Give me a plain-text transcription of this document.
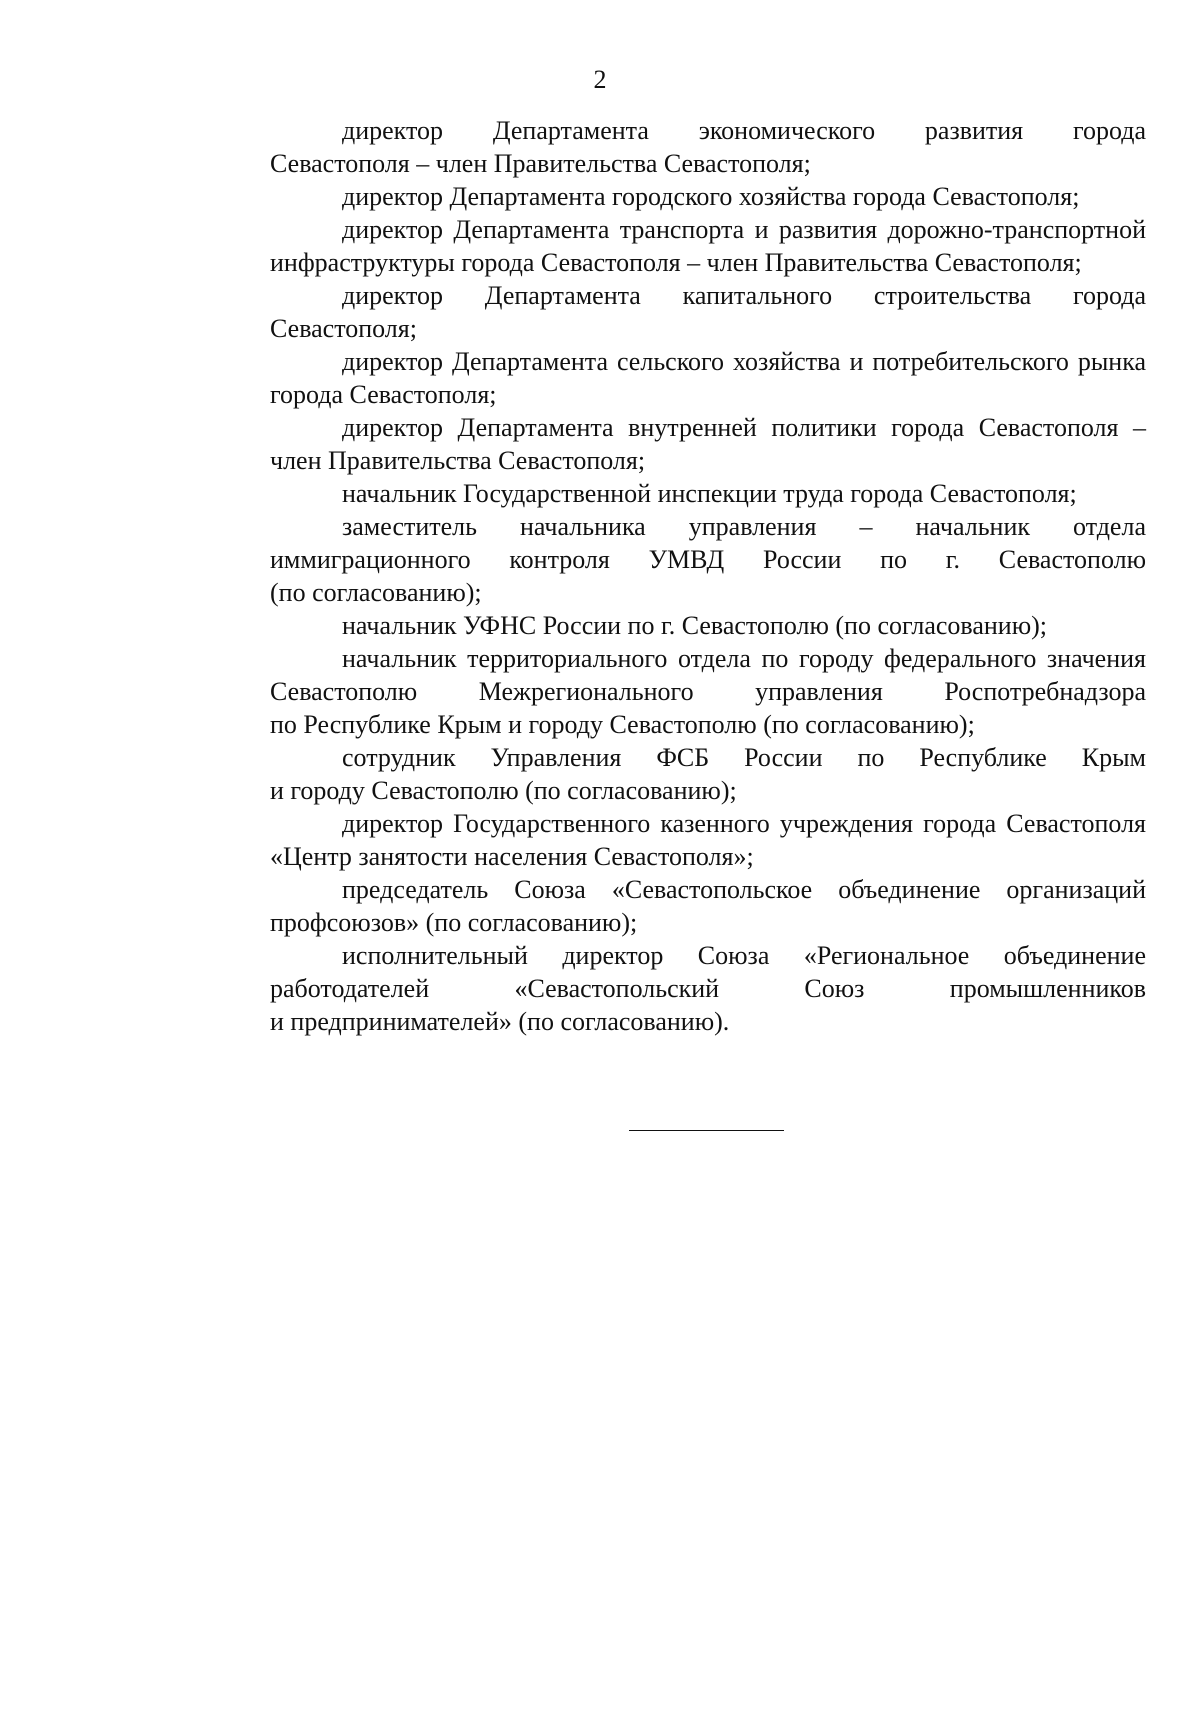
2
директор Департамента экономического развития города
Севастополя – член Правительства Севастополя;
директор Департамента городского хозяйства города Севастополя;
директор Департамента транспорта и развития дорожно-транспортной
инфраструктуры города Севастополя – член Правительства Севастополя;
директор Департамента капитального строительства города
Севастополя;
директор Департамента сельского хозяйства и потребительского рынка
города Севастополя;
директор Департамента внутренней политики города Севастополя –
член Правительства Севастополя;
начальник Государственной инспекции труда города Севастополя;
заместитель начальника управления – начальник отдела
иммиграционного контроля УМВД России по г. Севастополю
(по согласованию);
начальник УФНС России по г. Севастополю (по согласованию);
начальник территориального отдела по городу федерального значения
Севастополю Межрегионального управления Роспотребнадзора
по Республике Крым и городу Севастополю (по согласованию);
сотрудник Управления ФСБ России по Республике Крым
и городу Севастополю (по согласованию);
директор Государственного казенного учреждения города Севастополя
«Центр занятости населения Севастополя»;
председатель Союза «Севастопольское объединение организаций
профсоюзов» (по согласованию);
исполнительный директор Союза «Региональное объединение
работодателей «Севастопольский Союз промышленников
и предпринимателей» (по согласованию).
